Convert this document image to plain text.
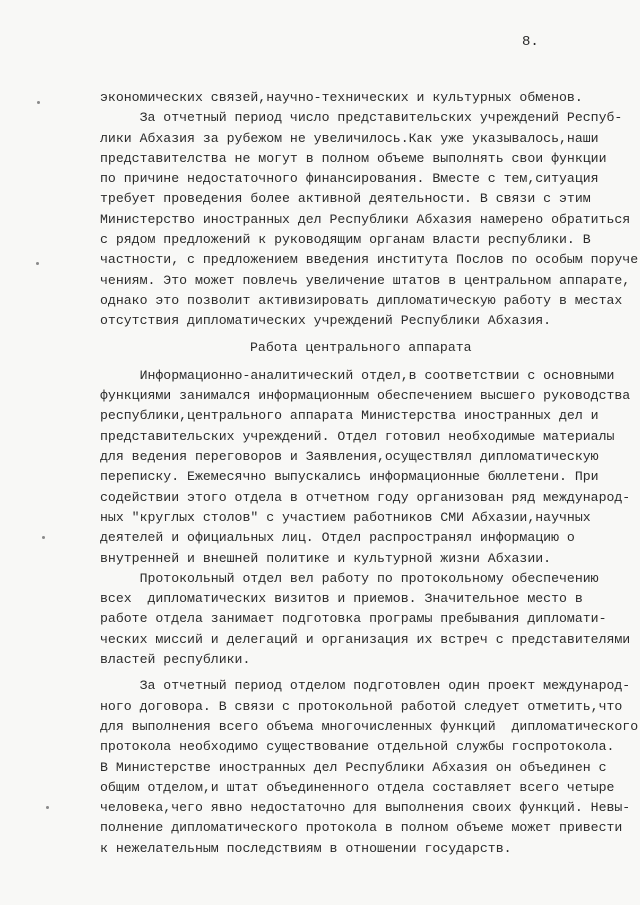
8.
экономических связей,научно-технических и культурных обменов.
За отчетный период число представительских учреждений Респуб-
лики Абхазия за рубежом не увеличилось.Как уже указывалось,наши
представителства не могут в полном объеме выполнять свои функции
по причине недостаточного финансирования. Вместе с тем,ситуация
требует проведения более активной деятельности. В связи с этим
Министерство иностранных дел Республики Абхазия намерено обратиться
с рядом предложений к руководящим органам власти республики. В
частности, с предложением введения института Послов по особым поруче
чениям. Это может повлечь увеличение штатов в центральном аппарате,
однако это позволит активизировать дипломатическую работу в местах
отсутствия дипломатических учреждений Республики Абхазия.
Работа центрального аппарата
Информационно-аналитический отдел,в соответствии с основными
функциями занимался информационным обеспечением высшего руководства
республики,центрального аппарата Министерства иностранных дел и
представительских учреждений. Отдел готовил необходимые материалы
для ведения переговоров и Заявления,осуществлял дипломатическую
переписку. Ежемесячно выпускались информационные бюллетени. При
содействии этого отдела в отчетном году организован ряд международ-
ных "круглых столов" с участием работников СМИ Абхазии,научных
деятелей и официальных лиц. Отдел распространял информацию о
внутренней и внешней политике и культурной жизни Абхазии.
Протокольный отдел вел работу по протокольному обеспечению
всех  дипломатических визитов и приемов. Значительное место в
работе отдела занимает подготовка програмы пребывания дипломати-
ческих миссий и делегаций и организация их встреч с представителями
властей республики.
За отчетный период отделом подготовлен один проект международ-
ного договора. В связи с протокольной работой следует отметить,что
для выполнения всего объема многочисленных функций  дипломатического
протокола необходимо существование отдельной службы госпротокола.
В Министерстве иностранных дел Республики Абхазия он объединен с
общим отделом,и штат объединенного отдела составляет всего четыре
человека,чего явно недостаточно для выполнения своих функций. Невы-
полнение дипломатического протокола в полном объеме может привести
к нежелательным последствиям в отношении государств.
